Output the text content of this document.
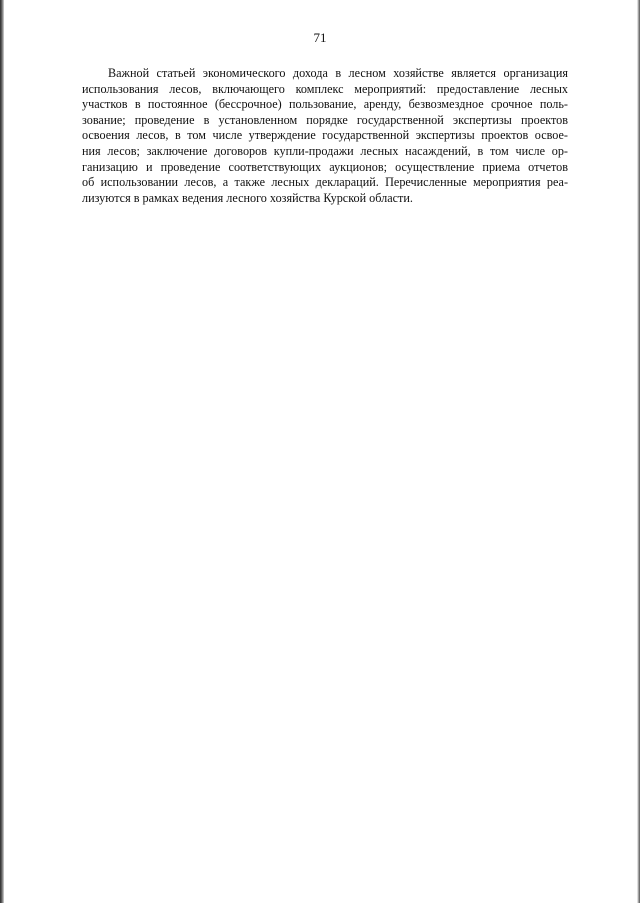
71

Важной статьей экономического дохода в лесном хозяйстве является организация
использования лесов, включающего комплекс мероприятий: предоставление лесных
участков в постоянное (бессрочное) пользование, аренду, безвозмездное срочное поль-
зование; проведение в установленном порядке государственной экспертизы проектов
освоения лесов, в том числе утверждение государственной экспертизы проектов освое-
ния лесов; заключение договоров купли-продажи лесных насаждений, в том числе ор-
ганизацию и проведение соответствующих аукционов; осуществление приема отчетов
об использовании лесов, а также лесных деклараций. Перечисленные мероприятия реа-
лизуются в рамках ведения лесного хозяйства Курской области.
